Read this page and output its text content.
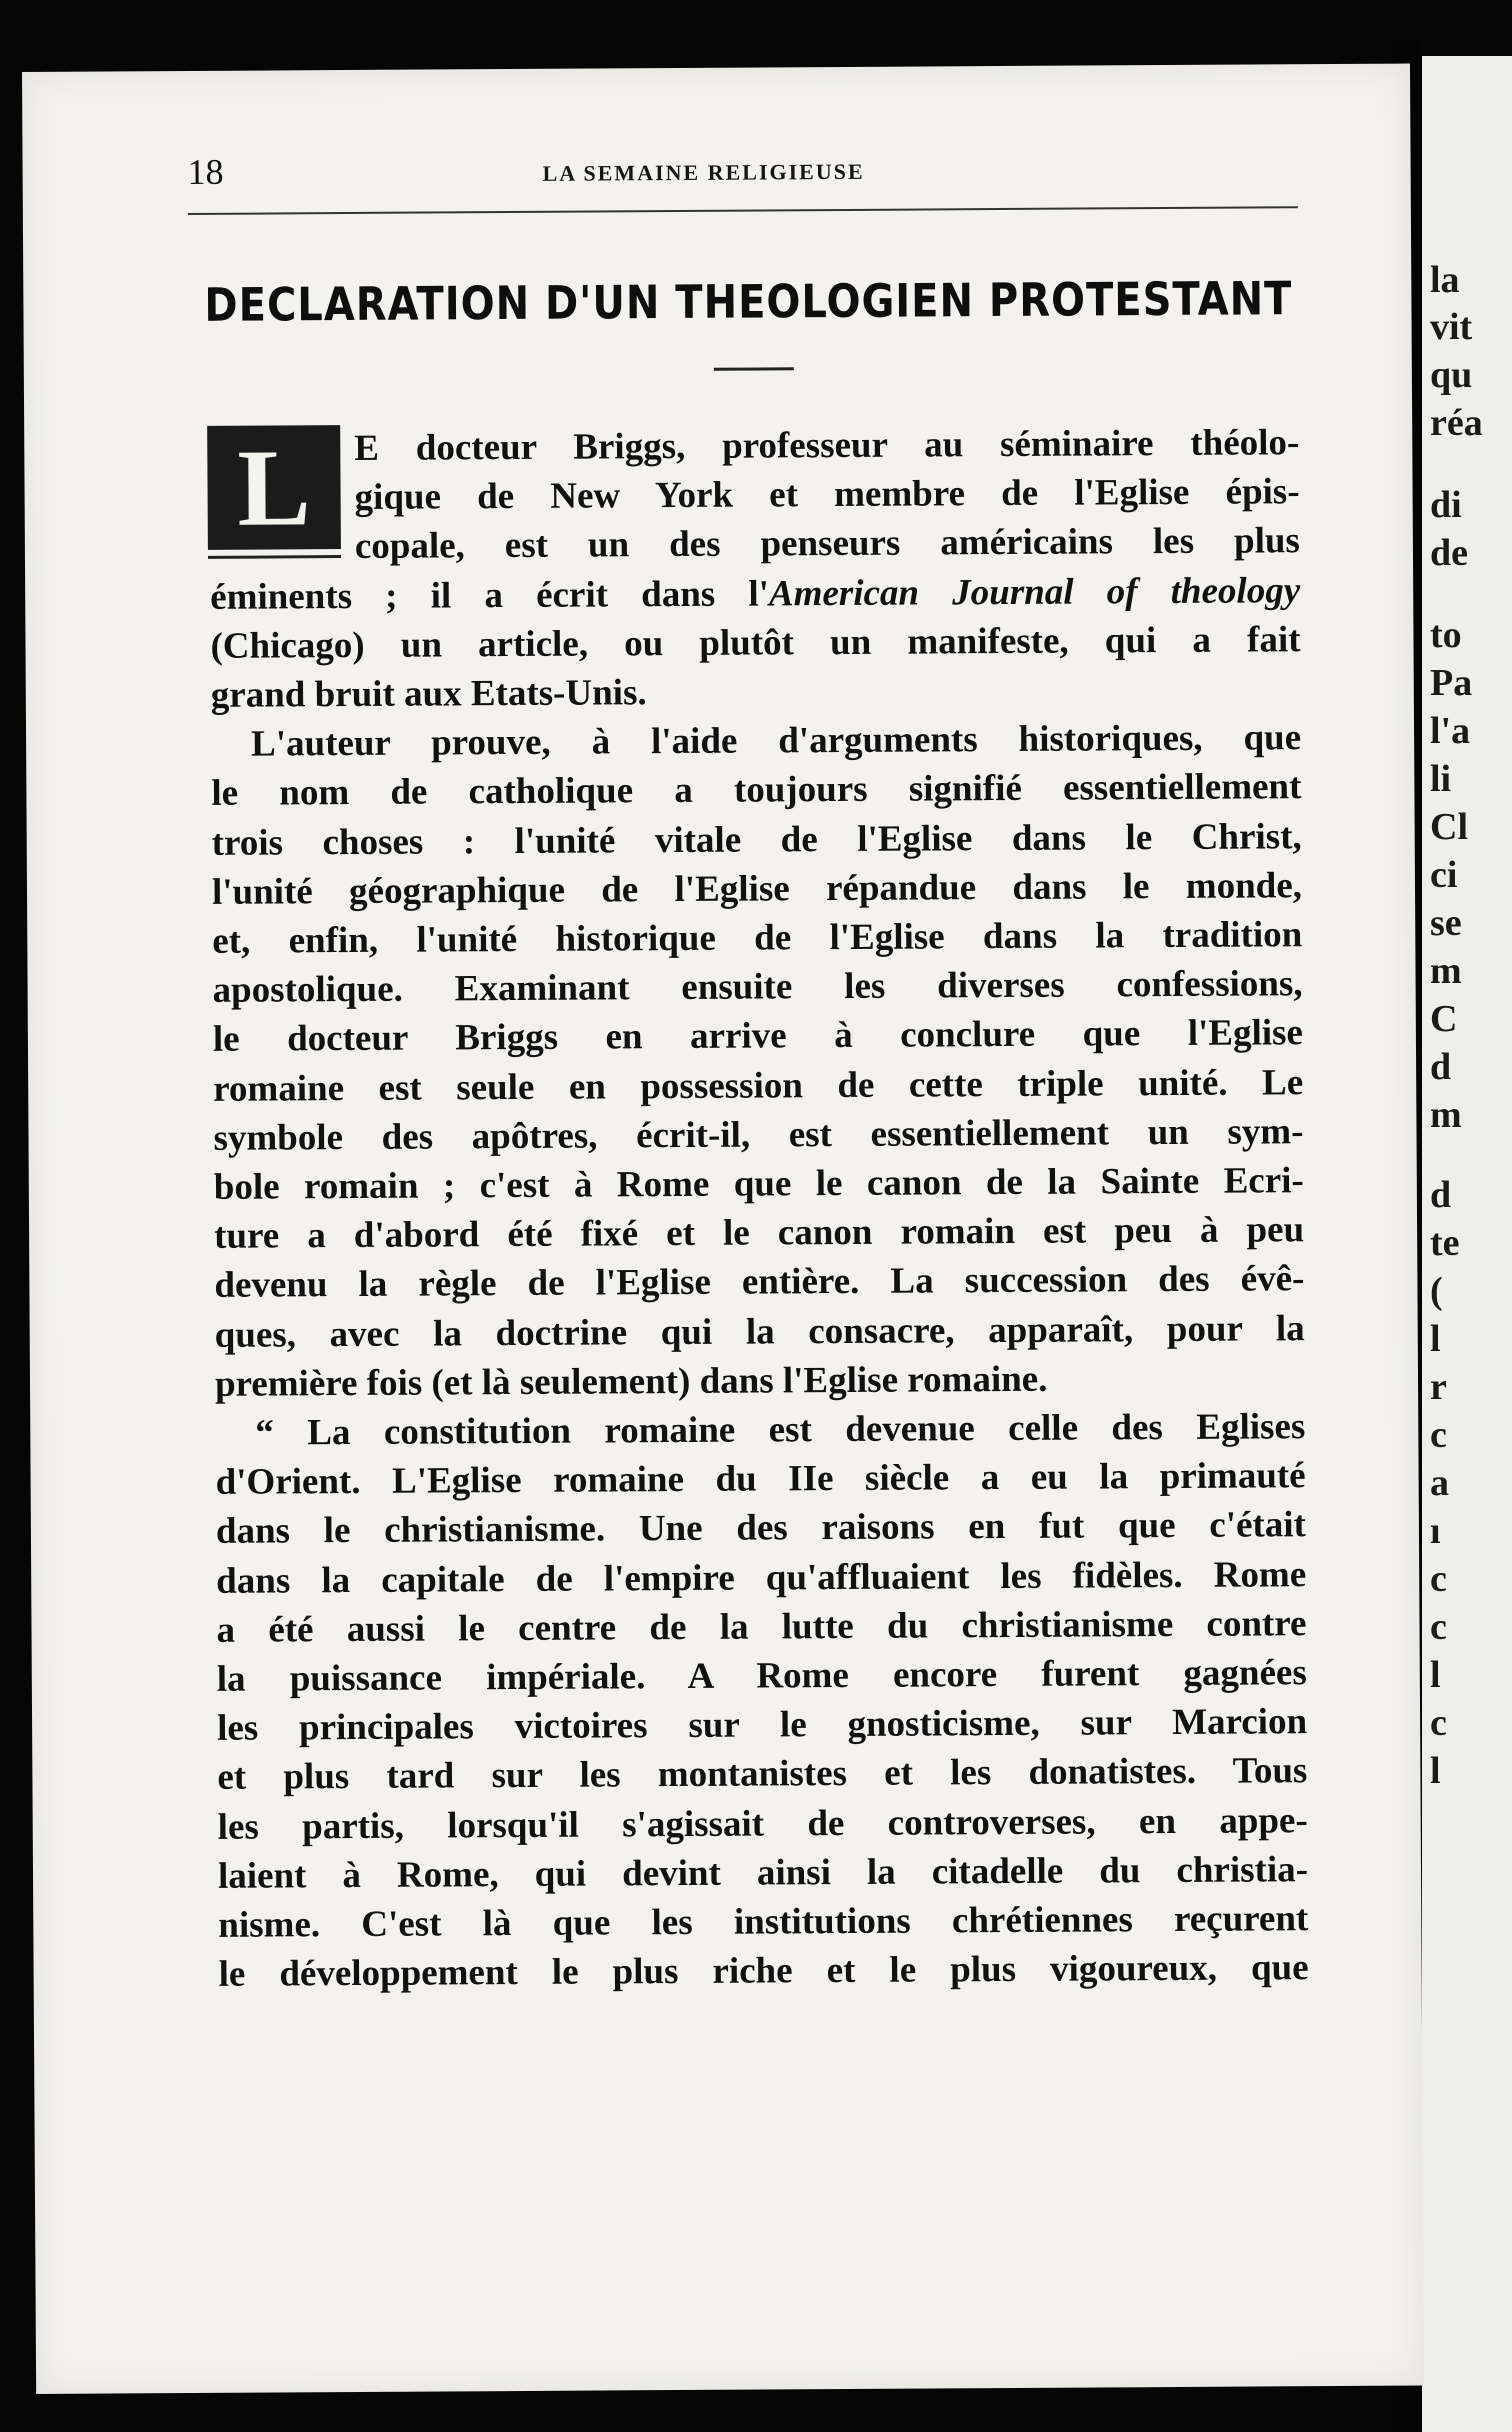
la
vit
qu
réa
di
de
to
Pa
l'a
li
Cl
ci
se
m
C
d
m
d
te
(
l
r
c
a
ı
c
c
l
c
l
18	LA SEMAINE RELIGIEUSE
DECLARATION D'UN THEOLOGIEN PROTESTANT
L	E docteur Briggs, professeur au séminaire théolo-
gique de New York et membre de l'Eglise épis-
copale, est un des penseurs américains les plus
éminents ; il a écrit dans l'American Journal of theology
(Chicago) un article, ou plutôt un manifeste, qui a fait
grand bruit aux Etats-Unis.
L'auteur prouve, à l'aide d'arguments historiques, que
le nom de catholique a toujours signifié essentiellement
trois choses : l'unité vitale de l'Eglise dans le Christ,
l'unité géographique de l'Eglise répandue dans le monde,
et, enfin, l'unité historique de l'Eglise dans la tradition
apostolique. Examinant ensuite les diverses confessions,
le docteur Briggs en arrive à conclure que l'Eglise
romaine est seule en possession de cette triple unité. Le
symbole des apôtres, écrit-il, est essentiellement un sym-
bole romain ; c'est à Rome que le canon de la Sainte Ecri-
ture a d'abord été fixé et le canon romain est peu à peu
devenu la règle de l'Eglise entière. La succession des évê-
ques, avec la doctrine qui la consacre, apparaît, pour la
première fois (et là seulement) dans l'Eglise romaine.
“ La constitution romaine est devenue celle des Eglises
d'Orient. L'Eglise romaine du IIe siècle a eu la primauté
dans le christianisme. Une des raisons en fut que c'était
dans la capitale de l'empire qu'affluaient les fidèles. Rome
a été aussi le centre de la lutte du christianisme contre
la puissance impériale. A Rome encore furent gagnées
les principales victoires sur le gnosticisme, sur Marcion
et plus tard sur les montanistes et les donatistes. Tous
les partis, lorsqu'il s'agissait de controverses, en appe-
laient à Rome, qui devint ainsi la citadelle du christia-
nisme. C'est là que les institutions chrétiennes reçurent
le développement le plus riche et le plus vigoureux, que
